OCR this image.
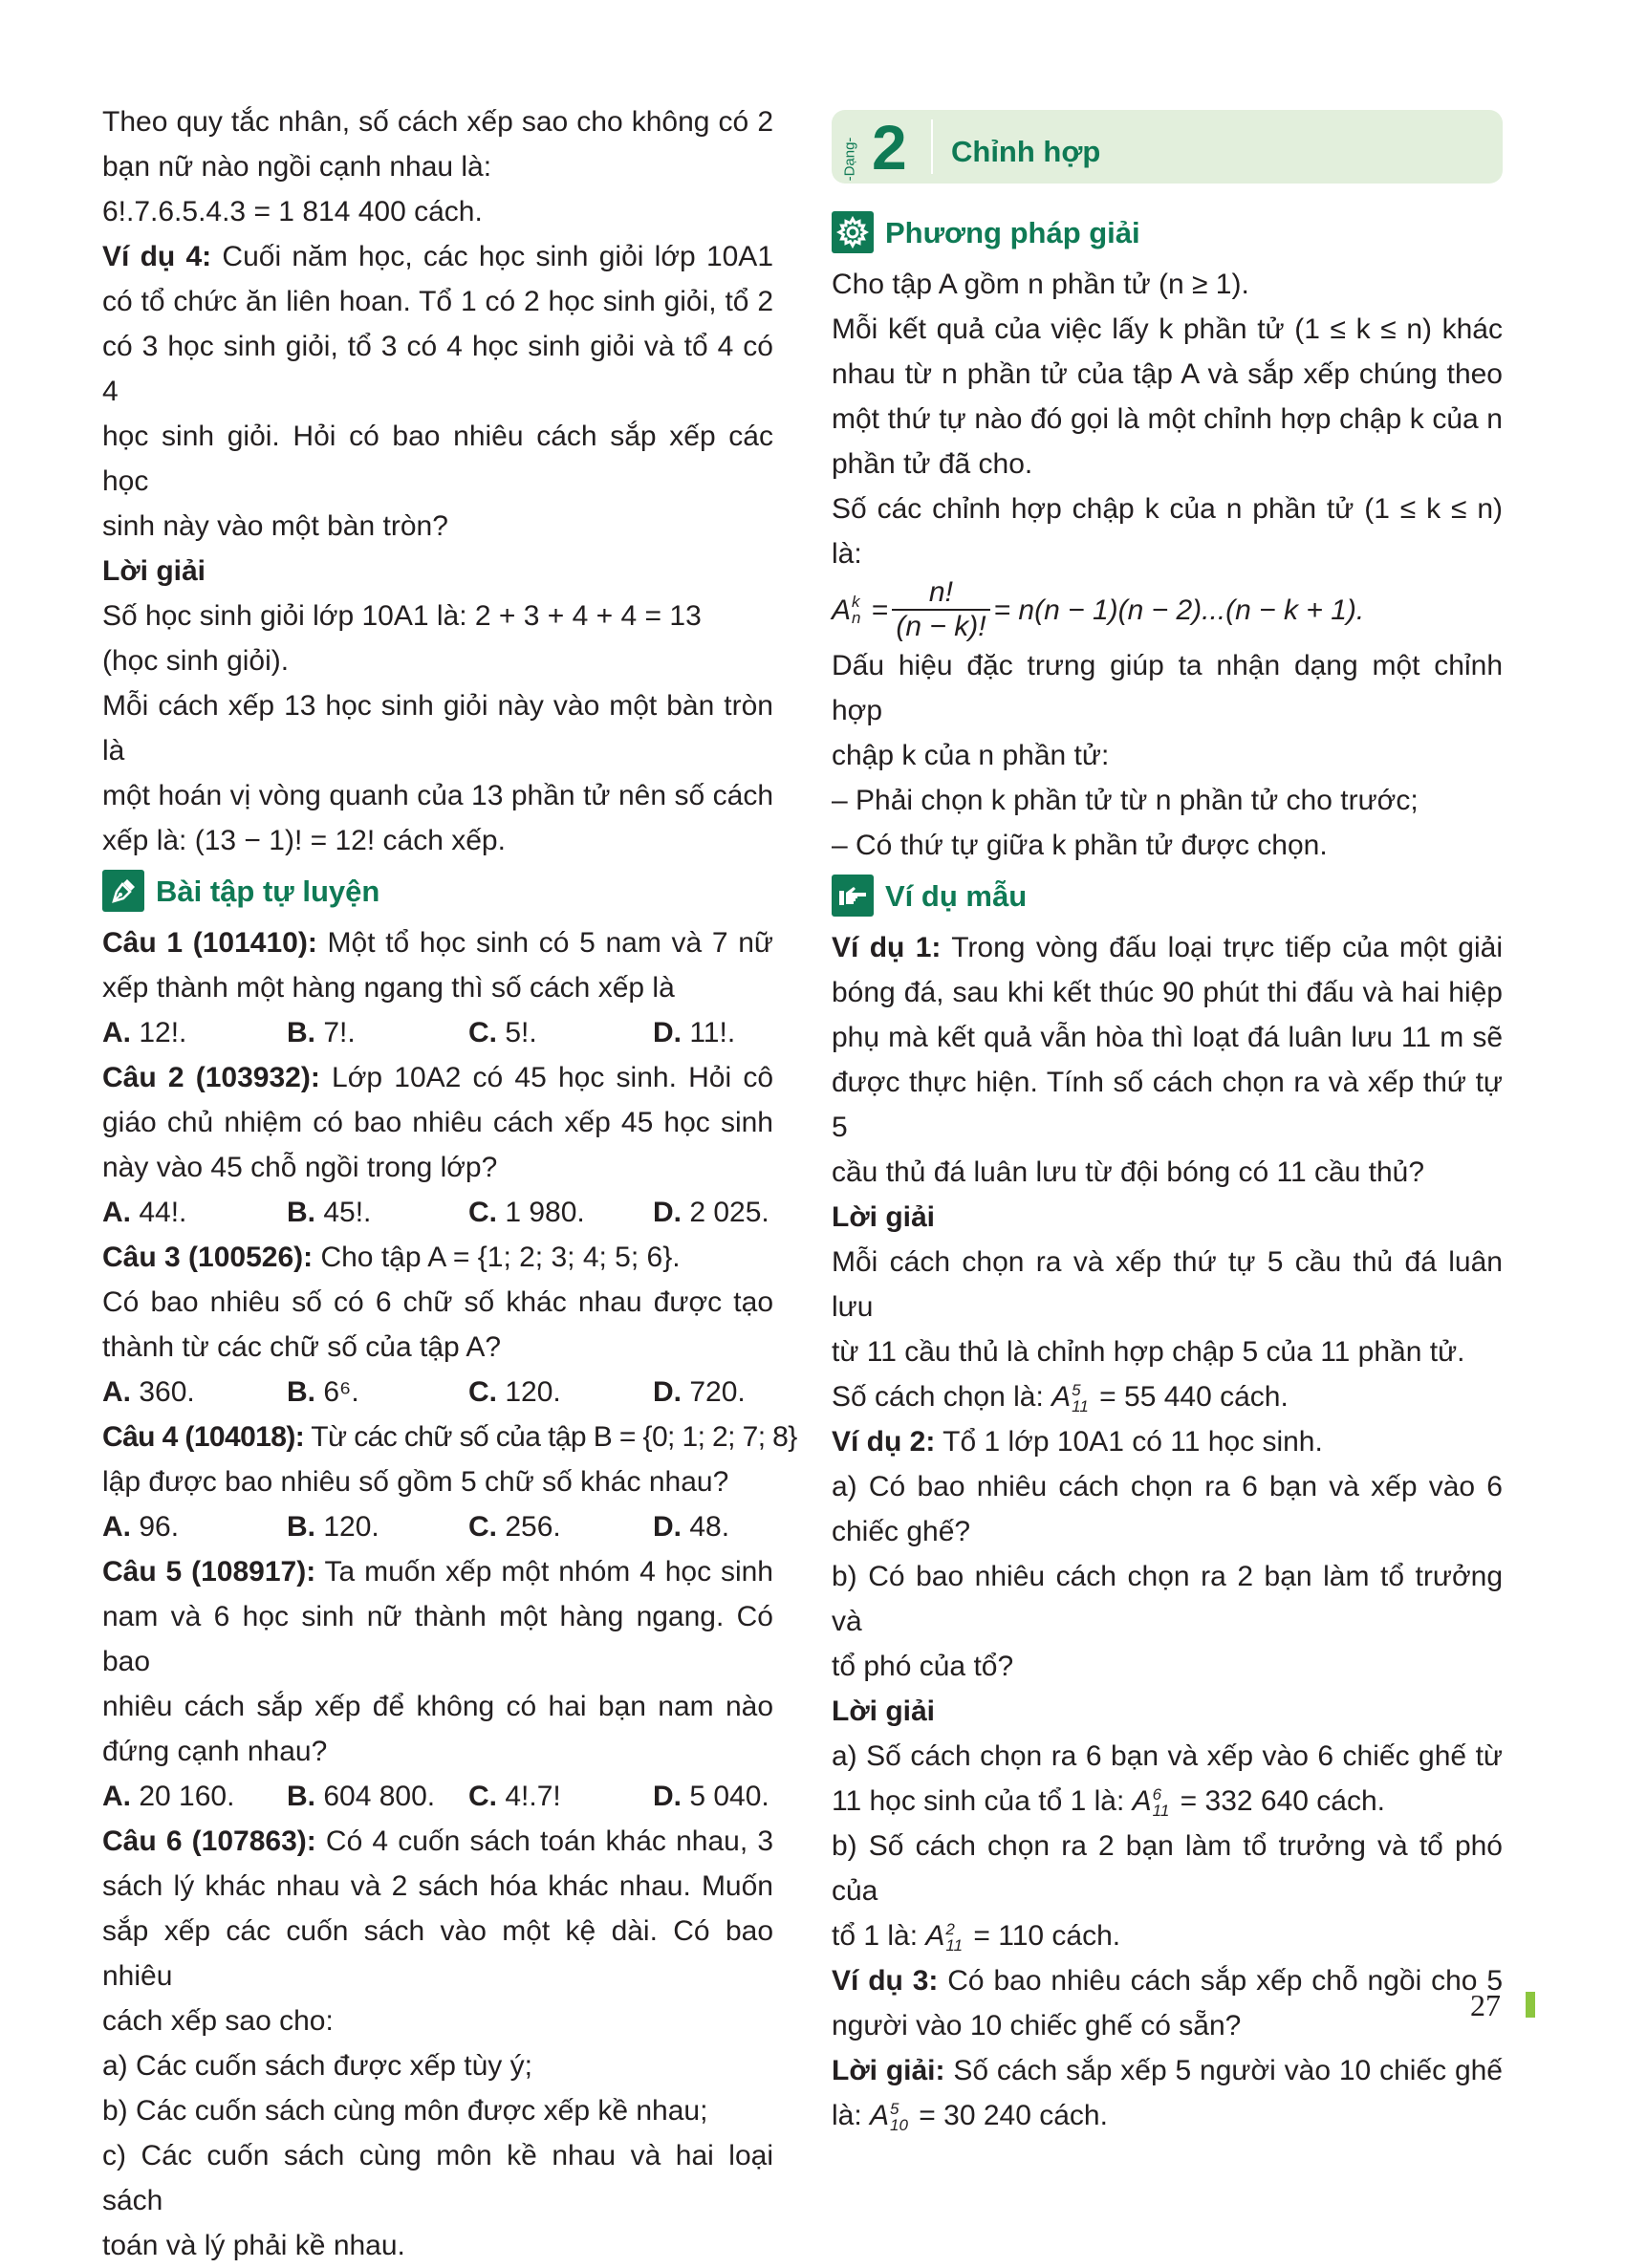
Theo quy tắc nhân, số cách xếp sao cho không có 2
bạn nữ nào ngồi cạnh nhau là:
6!.7.6.5.4.3 = 1 814 400 cách.
Ví dụ 4: Cuối năm học, các học sinh giỏi lớp 10A1
có tổ chức ăn liên hoan. Tổ 1 có 2 học sinh giỏi, tổ 2
có 3 học sinh giỏi, tổ 3 có 4 học sinh giỏi và tổ 4 có 4
học sinh giỏi. Hỏi có bao nhiêu cách sắp xếp các học
sinh này vào một bàn tròn?
Lời giải
Số học sinh giỏi lớp 10A1 là: 2 + 3 + 4 + 4 = 13
(học sinh giỏi).
Mỗi cách xếp 13 học sinh giỏi này vào một bàn tròn là
một hoán vị vòng quanh của 13 phần tử nên số cách
xếp là: (13 − 1)! = 12! cách xếp.
Bài tập tự luyện
Câu 1 (101410): Một tổ học sinh có 5 nam và 7 nữ
xếp thành một hàng ngang thì số cách xếp là
A. 12!.	B. 7!.	C. 5!.	D. 11!.
Câu 2 (103932): Lớp 10A2 có 45 học sinh. Hỏi cô
giáo chủ nhiệm có bao nhiêu cách xếp 45 học sinh
này vào 45 chỗ ngồi trong lớp?
A. 44!.	B. 45!.	C. 1 980.	D. 2 025.
Câu 3 (100526): Cho tập A = {1; 2; 3; 4; 5; 6}.
Có bao nhiêu số có 6 chữ số khác nhau được tạo
thành từ các chữ số của tập A?
A. 360.	B. 6⁶.	C. 120.	D. 720.
Câu 4 (104018): Từ các chữ số của tập B = {0; 1; 2; 7; 8}
lập được bao nhiêu số gồm 5 chữ số khác nhau?
A. 96.	B. 120.	C. 256.	D. 48.
Câu 5 (108917): Ta muốn xếp một nhóm 4 học sinh
nam và 6 học sinh nữ thành một hàng ngang. Có bao
nhiêu cách sắp xếp để không có hai bạn nam nào
đứng cạnh nhau?
A. 20 160.	B. 604 800.	C. 4!.7!	D. 5 040.
Câu 6 (107863): Có 4 cuốn sách toán khác nhau, 3
sách lý khác nhau và 2 sách hóa khác nhau. Muốn
sắp xếp các cuốn sách vào một kệ dài. Có bao nhiêu
cách xếp sao cho:
a) Các cuốn sách được xếp tùy ý;
b) Các cuốn sách cùng môn được xếp kề nhau;
c) Các cuốn sách cùng môn kề nhau và hai loại sách
toán và lý phải kề nhau.
-Dạng- 2 Chỉnh hợp
Phương pháp giải
Cho tập A gồm n phần tử (n ≥ 1).
Mỗi kết quả của việc lấy k phần tử (1 ≤ k ≤ n) khác
nhau từ n phần tử của tập A và sắp xếp chúng theo
một thứ tự nào đó gọi là một chỉnh hợp chập k của n
phần tử đã cho.
Số các chỉnh hợp chập k của n phần tử (1 ≤ k ≤ n) là:
A k
$n = \frac{n!}{(n - k)!} = n(n - 1)(n - 2)...(n - k + 1)$.
Dấu hiệu đặc trưng giúp ta nhận dạng một chỉnh hợp
chập k của n phần tử:
– Phải chọn k phần tử từ n phần tử cho trước;
– Có thứ tự giữa k phần tử được chọn.
Ví dụ mẫu
Ví dụ 1: Trong vòng đấu loại trực tiếp của một giải
bóng đá, sau khi kết thúc 90 phút thi đấu và hai hiệp
phụ mà kết quả vẫn hòa thì loạt đá luân lưu 11 m sẽ
được thực hiện. Tính số cách chọn ra và xếp thứ tự 5
cầu thủ đá luân lưu từ đội bóng có 11 cầu thủ?
Lời giải
Mỗi cách chọn ra và xếp thứ tự 5 cầu thủ đá luân lưu
từ 11 cầu thủ là chỉnh hợp chập 5 của 11 phần tử.
Số cách chọn là: A 5
11 = 55 440 cách.
Ví dụ 2: Tổ 1 lớp 10A1 có 11 học sinh.
a) Có bao nhiêu cách chọn ra 6 bạn và xếp vào 6
chiếc ghế?
b) Có bao nhiêu cách chọn ra 2 bạn làm tổ trưởng và
tổ phó của tổ?
Lời giải
a) Số cách chọn ra 6 bạn và xếp vào 6 chiếc ghế từ
11 học sinh của tổ 1 là: A 6
11 = 332 640 cách.
b) Số cách chọn ra 2 bạn làm tổ trưởng và tổ phó của
tổ 1 là: A 2
11 = 110 cách.
Ví dụ 3: Có bao nhiêu cách sắp xếp chỗ ngồi cho 5
người vào 10 chiếc ghế có sẵn?
Lời giải: Số cách sắp xếp 5 người vào 10 chiếc ghế
là: A 5
10 = 30 240 cách.
27
